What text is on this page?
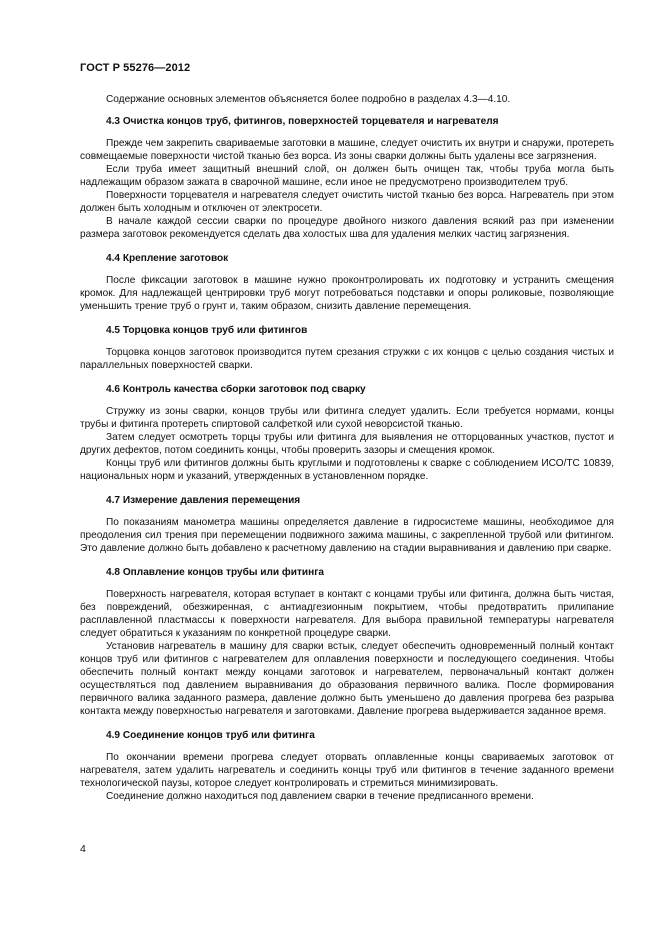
ГОСТ Р 55276—2012

Содержание основных элементов объясняется более подробно в разделах 4.3—4.10.

4.3 Очистка концов труб, фитингов, поверхностей торцевателя и нагревателя

Прежде чем закрепить свариваемые заготовки в машине, следует очистить их внутри и снаружи, протереть совмещаемые поверхности чистой тканью без ворса. Из зоны сварки должны быть удалены все загрязнения.

Если труба имеет защитный внешний слой, он должен быть очищен так, чтобы труба могла быть надлежащим образом зажата в сварочной машине, если иное не предусмотрено производителем труб.

Поверхности торцевателя и нагревателя следует очистить чистой тканью без ворса. Нагреватель при этом должен быть холодным и отключен от электросети.

В начале каждой сессии сварки по процедуре двойного низкого давления всякий раз при изменении размера заготовок рекомендуется сделать два холостых шва для удаления мелких частиц загрязнения.

4.4 Крепление заготовок

После фиксации заготовок в машине нужно проконтролировать их подготовку и устранить смещения кромок. Для надлежащей центрировки труб могут потребоваться подставки и опоры роликовые, позволяющие уменьшить трение труб о грунт и, таким образом, снизить давление перемещения.

4.5 Торцовка концов труб или фитингов

Торцовка концов заготовок производится путем срезания стружки с их концов с целью создания чистых и параллельных поверхностей сварки.

4.6 Контроль качества сборки заготовок под сварку

Стружку из зоны сварки, концов трубы или фитинга следует удалить. Если требуется нормами, концы трубы и фитинга протереть спиртовой салфеткой или сухой неворсистой тканью.

Затем следует осмотреть торцы трубы или фитинга для выявления не отторцованных участков, пустот и других дефектов, потом соединить концы, чтобы проверить зазоры и смещения кромок.

Концы труб или фитингов должны быть круглыми и подготовлены к сварке с соблюдением ИСО/ТС 10839, национальных норм и указаний, утвержденных в установленном порядке.

4.7 Измерение давления перемещения

По показаниям манометра машины определяется давление в гидросистеме машины, необходимое для преодоления сил трения при перемещении подвижного зажима машины, с закрепленной трубой или фитингом. Это давление должно быть добавлено к расчетному давлению на стадии выравнивания и давлению при сварке.

4.8 Оплавление концов трубы или фитинга

Поверхность нагревателя, которая вступает в контакт с концами трубы или фитинга, должна быть чистая, без повреждений, обезжиренная, с антиадгезионным покрытием, чтобы предотвратить прилипание расплавленной пластмассы к поверхности нагревателя. Для выбора правильной температуры нагревателя следует обратиться к указаниям по конкретной процедуре сварки.

Установив нагреватель в машину для сварки встык, следует обеспечить одновременный полный контакт концов труб или фитингов с нагревателем для оплавления поверхности и последующего соединения. Чтобы обеспечить полный контакт между концами заготовок и нагревателем, первоначальный контакт должен осуществляться под давлением выравнивания до образования первичного валика. После формирования первичного валика заданного размера, давление должно быть уменьшено до давления прогрева без разрыва контакта между поверхностью нагревателя и заготовками. Давление прогрева выдерживается заданное время.

4.9 Соединение концов труб или фитинга

По окончании времени прогрева следует оторвать оплавленные концы свариваемых заготовок от нагревателя, затем удалить нагреватель и соединить концы труб или фитингов в течение заданного времени технологической паузы, которое следует контролировать и стремиться минимизировать.

Соединение должно находиться под давлением сварки в течение предписанного времени.

4
